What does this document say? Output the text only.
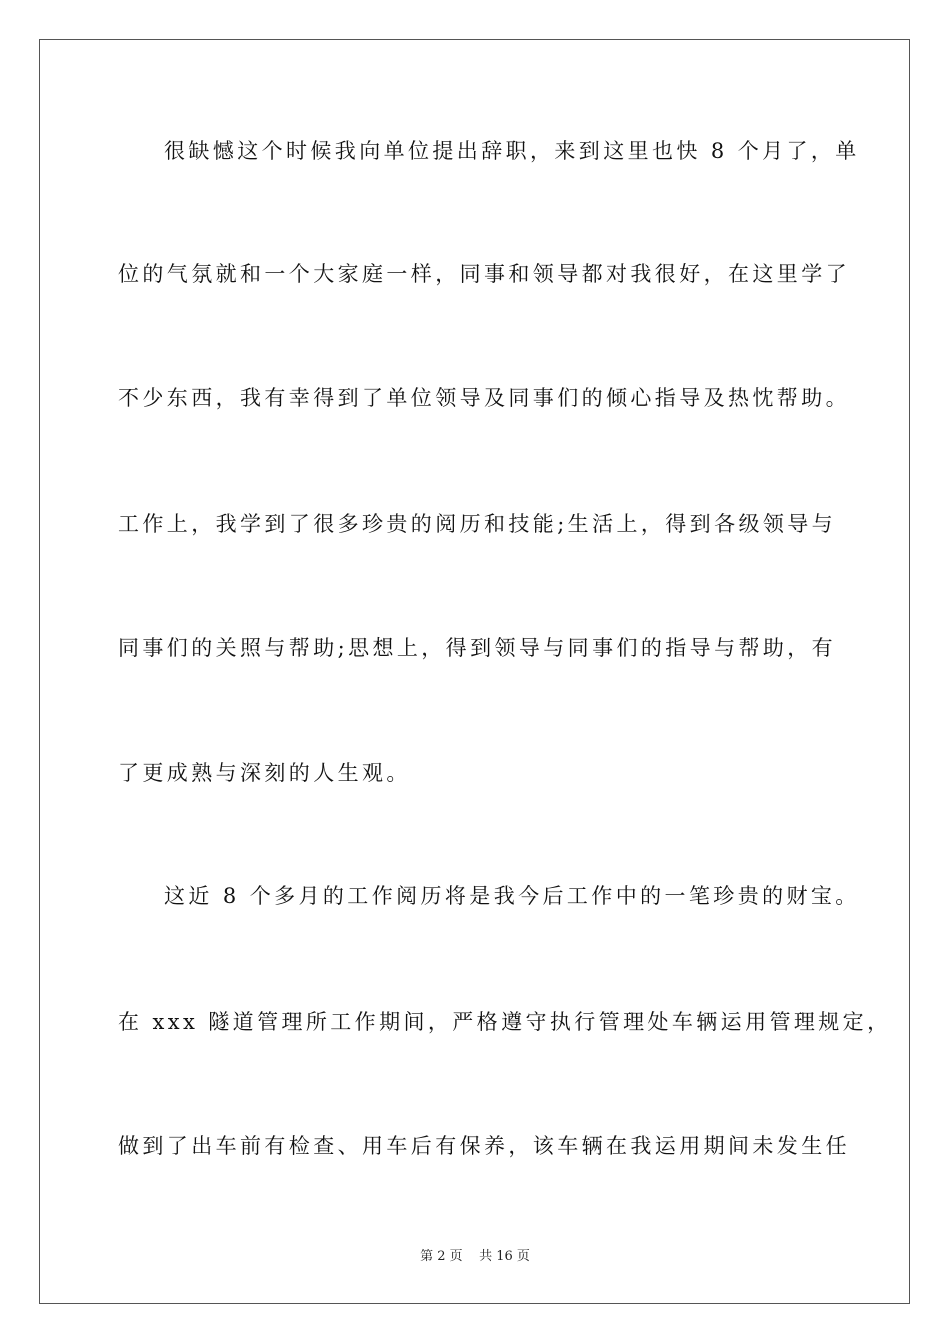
很缺憾这个时候我向单位提出辞职，来到这里也快 8 个月了，单
位的气氛就和一个大家庭一样，同事和领导都对我很好，在这里学了
不少东西，我有幸得到了单位领导及同事们的倾心指导及热忱帮助。
工作上，我学到了很多珍贵的阅历和技能;生活上，得到各级领导与
同事们的关照与帮助;思想上，得到领导与同事们的指导与帮助，有
了更成熟与深刻的人生观。
这近 8 个多月的工作阅历将是我今后工作中的一笔珍贵的财宝。
在 xxx 隧道管理所工作期间，严格遵守执行管理处车辆运用管理规定，
做到了出车前有检查、用车后有保养，该车辆在我运用期间未发生任
第 2 页    共 16 页
